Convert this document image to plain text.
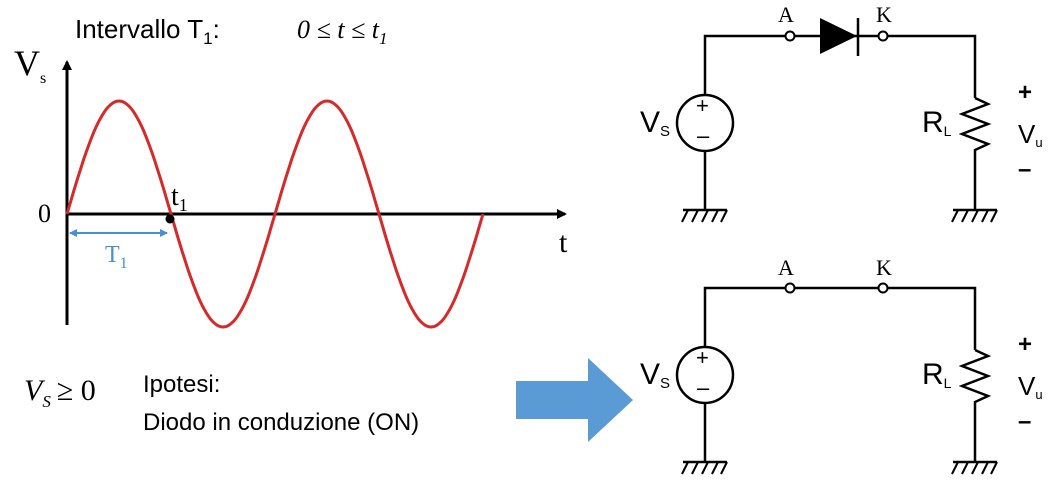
Intervallo $T_1$:	$0 \le t \le t_1$
$V_s$
t
0
$t_1$
$T_1$
$V_S \ge 0$ Ipotesi:
Diodo in conduzione (ON)
A	K
+
–
VS	RL
+
Vu
–
A	K
+
–
VS	RL
+
Vu
–
